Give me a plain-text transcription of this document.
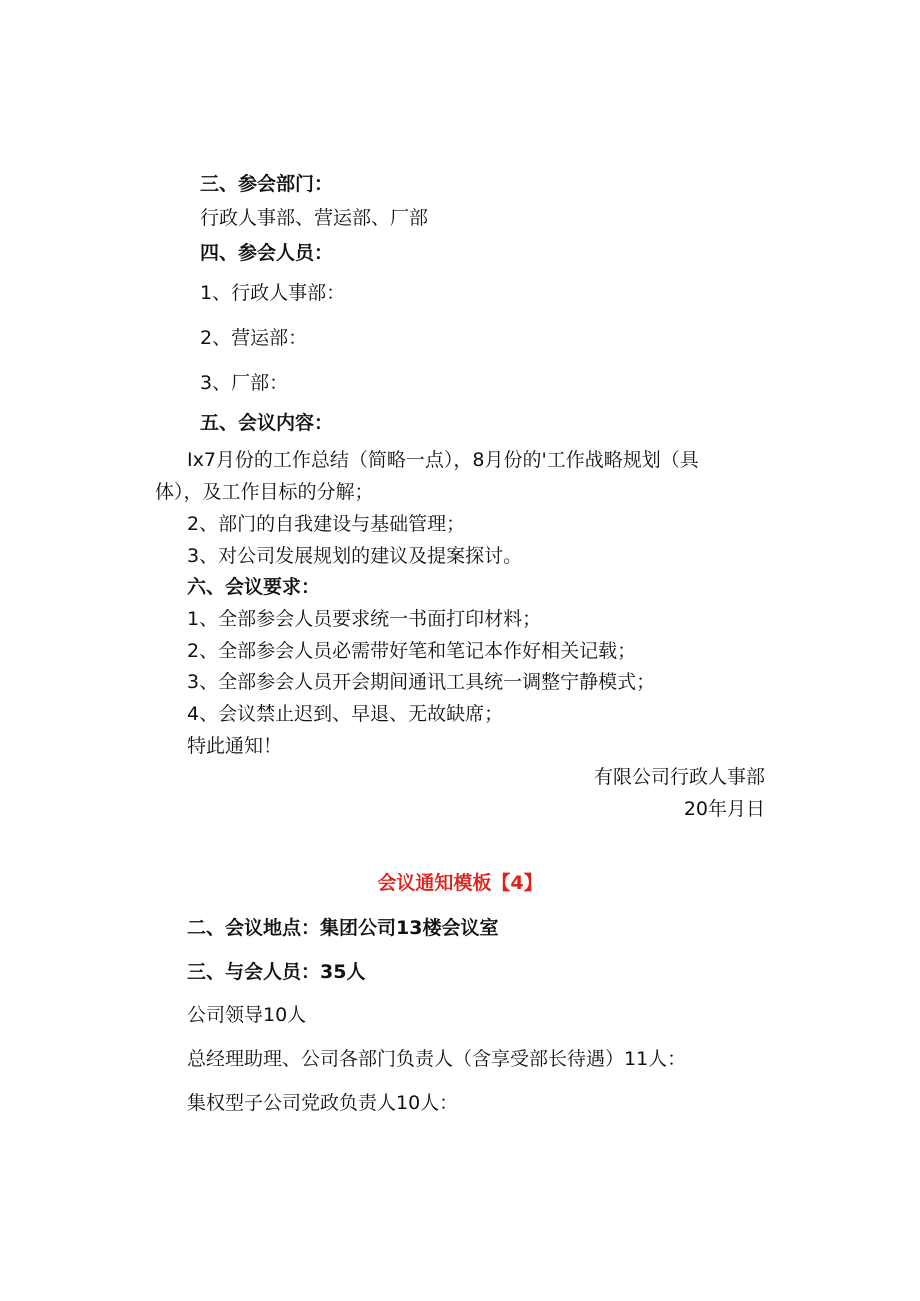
三、参会部门：

行政人事部、营运部、厂部

四、参会人员：

1、行政人事部：

2、营运部：

3、厂部：

五、会议内容：

Ix7月份的工作总结（简略一点），8月份的'工作战略规划（具

体），及工作目标的分解；

2、部门的自我建设与基础管理；

3、对公司发展规划的建议及提案探讨。

六、会议要求：

1、全部参会人员要求统一书面打印材料；

2、全部参会人员必需带好笔和笔记本作好相关记载；

3、全部参会人员开会期间通讯工具统一调整宁静模式；

4、会议禁止迟到、早退、无故缺席；

特此通知！

有限公司行政人事部

20年月日

会议通知模板【4】

二、会议地点：集团公司13楼会议室

三、与会人员：35人

公司领导10人

总经理助理、公司各部门负责人（含享受部长待遇）11人：

集权型子公司党政负责人10人：
